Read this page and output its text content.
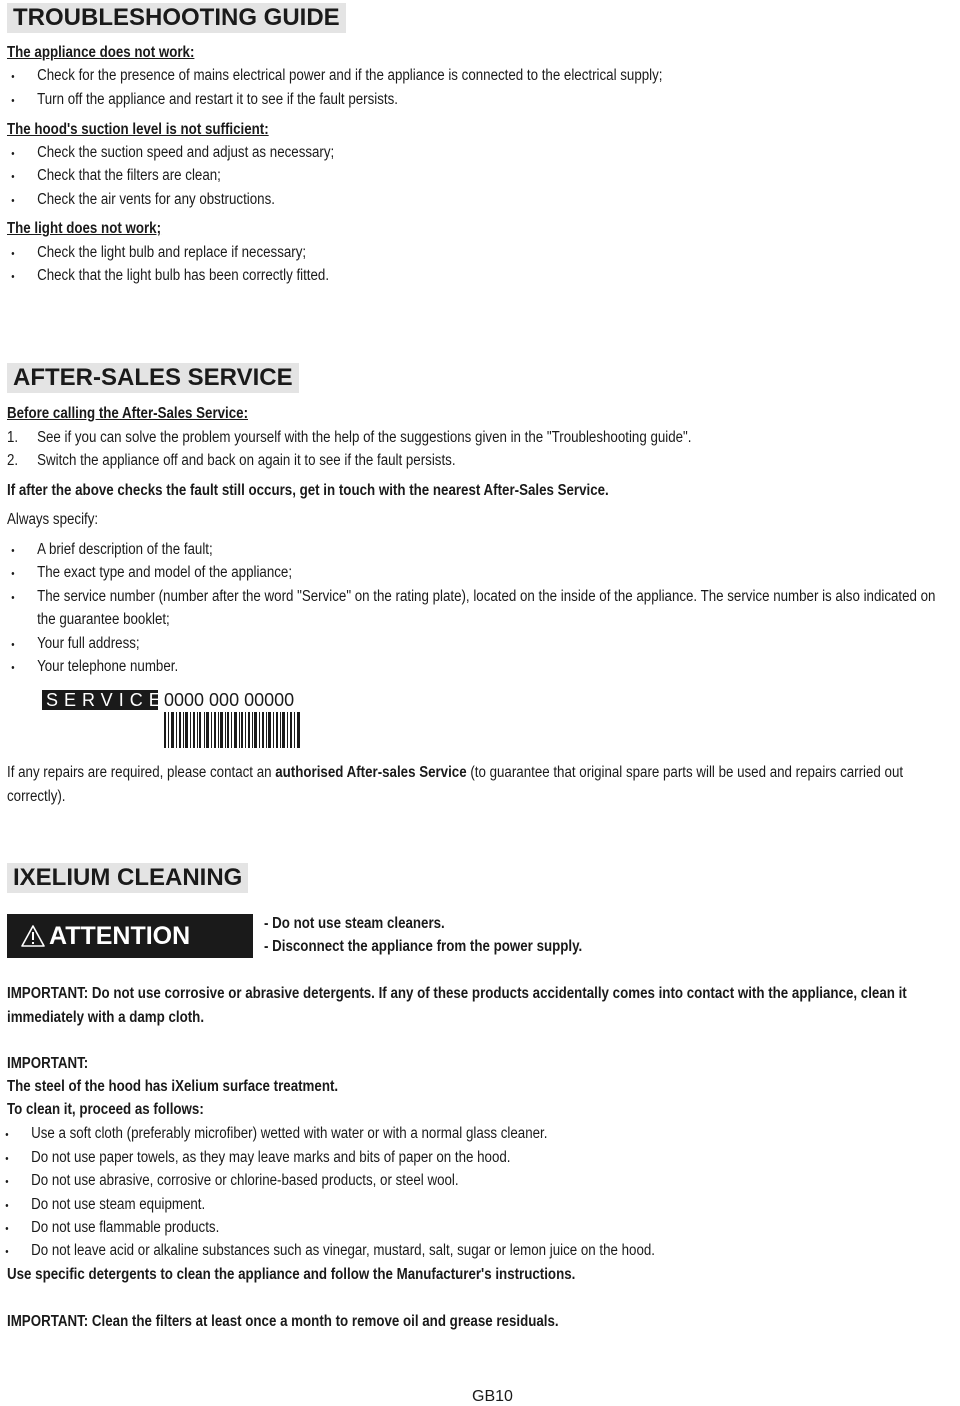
TROUBLESHOOTING GUIDE
The appliance does not work:
• Check for the presence of mains electrical power and if the appliance is connected to the electrical supply;
• Turn off the appliance and restart it to see if the fault persists.
The hood's suction level is not sufficient:
• Check the suction speed and adjust as necessary;
• Check that the filters are clean;
• Check the air vents for any obstructions.
The light does not work;
• Check the light bulb and replace if necessary;
• Check that the light bulb has been correctly fitted.
AFTER-SALES SERVICE
Before calling the After-Sales Service:
1. See if you can solve the problem yourself with the help of the suggestions given in the "Troubleshooting guide".
2. Switch the appliance off and back on again it to see if the fault persists.
If after the above checks the fault still occurs, get in touch with the nearest After-Sales Service.
Always specify:
• A brief description of the fault;
• The exact type and model of the appliance;
• The service number (number after the word "Service" on the rating plate), located on the inside of the appliance. The service number is also indicated on
the guarantee booklet;
• Your full address;
• Your telephone number.
SERVICE
0000 000 00000
If any repairs are required, please contact an authorised After-sales Service (to guarantee that original spare parts will be used and repairs carried out
correctly).
IXELIUM CLEANING
ATTENTION	- Do not use steam cleaners.
- Disconnect the appliance from the power supply.
IMPORTANT: Do not use corrosive or abrasive detergents. If any of these products accidentally comes into contact with the appliance, clean it
immediately with a damp cloth.
IMPORTANT:
The steel of the hood has iXelium surface treatment.
To clean it, proceed as follows:
• Use a soft cloth (preferably microfiber) wetted with water or with a normal glass cleaner.
• Do not use paper towels, as they may leave marks and bits of paper on the hood.
• Do not use abrasive, corrosive or chlorine-based products, or steel wool.
• Do not use steam equipment.
• Do not use flammable products.
• Do not leave acid or alkaline substances such as vinegar, mustard, salt, sugar or lemon juice on the hood.
Use specific detergents to clean the appliance and follow the Manufacturer's instructions.
IMPORTANT: Clean the filters at least once a month to remove oil and grease residuals.
GB10
